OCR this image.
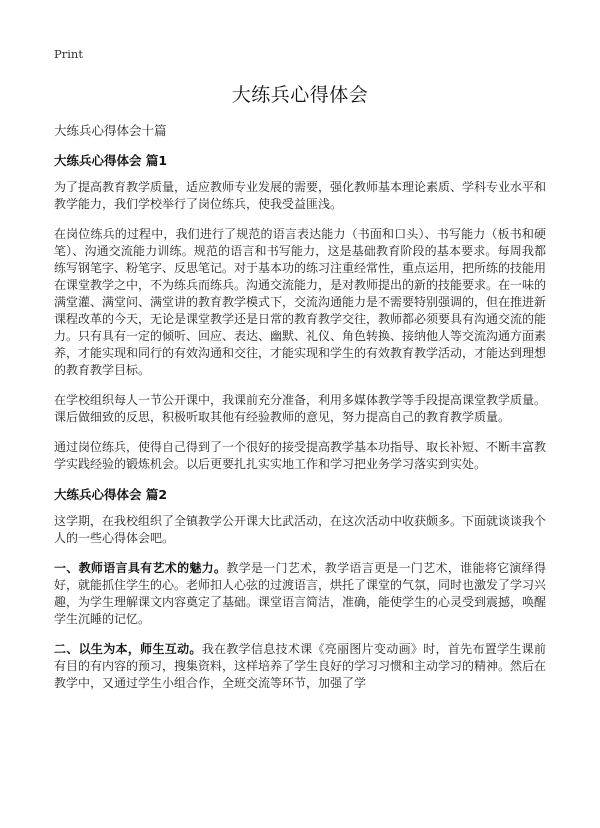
Print
大练兵心得体会

大练兵心得体会十篇

大练兵心得体会 篇1

为了提高教育教学质量，适应教师专业发展的需要，强化教师基本理论素质、学科专业水平和教学能力，我们学校举行了岗位练兵，使我受益匪浅。

在岗位练兵的过程中，我们进行了规范的语言表达能力（书面和口头）、书写能力（板书和硬笔）、沟通交流能力训练。规范的语言和书写能力，这是基础教育阶段的基本要求。每周我都练写钢笔字、粉笔字、反思笔记。对于基本功的练习注重经常性，重点运用，把所练的技能用在课堂教学之中，不为练兵而练兵。沟通交流能力，是对教师提出的新的技能要求。在一味的满堂灌、满堂问、满堂讲的教育教学模式下，交流沟通能力是不需要特别强调的，但在推进新课程改革的今天，无论是课堂教学还是日常的教育教学交往，教师都必须要具有沟通交流的能力。只有具有一定的倾听、回应、表达、幽默、礼仪、角色转换、接纳他人等交流沟通方面素养，才能实现和同行的有效沟通和交往，才能实现和学生的有效教育教学活动，才能达到理想的教育教学目标。

在学校组织每人一节公开课中，我课前充分准备，利用多媒体教学等手段提高课堂教学质量。课后做细致的反思，积极听取其他有经验教师的意见，努力提高自己的教育教学质量。

通过岗位练兵，使得自己得到了一个很好的接受提高教学基本功指导、取长补短、不断丰富教学实践经验的锻炼机会。以后更要扎扎实实地工作和学习把业务学习落实到实处。

大练兵心得体会 篇2

这学期，在我校组织了全镇教学公开课大比武活动，在这次活动中收获颇多。下面就谈谈我个人的一些心得体会吧。

一、教师语言具有艺术的魅力。教学是一门艺术，教学语言更是一门艺术，谁能将它演绎得好，就能抓住学生的心。老师扣人心弦的过渡语言，烘托了课堂的气氛，同时也激发了学习兴趣，为学生理解课文内容奠定了基础。课堂语言简洁，准确，能使学生的心灵受到震撼，唤醒学生沉睡的记忆。

二、以生为本，师生互动。我在教学信息技术课《亮丽图片变动画》时，首先布置学生课前有目的有内容的预习，搜集资料，这样培养了学生良好的学习习惯和主动学习的精神。然后在教学中，又通过学生小组合作，全班交流等环节，加强了学
